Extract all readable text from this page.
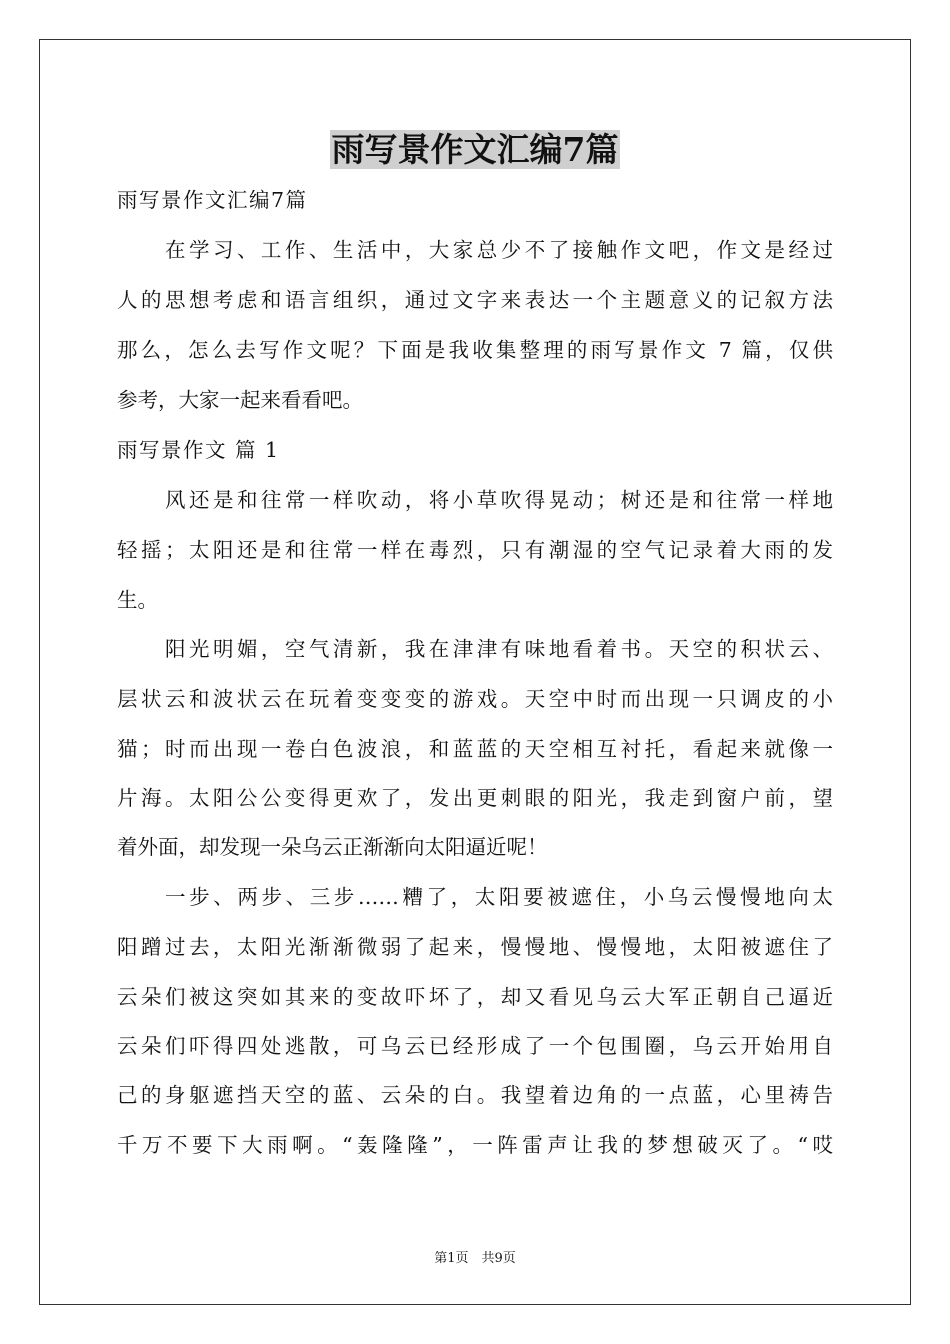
雨写景作文汇编7篇
雨写景作文汇编7篇
在学习、工作、生活中，大家总少不了接触作文吧，作文是经过
人的思想考虑和语言组织，通过文字来表达一个主题意义的记叙方法
那么，怎么去写作文呢？下面是我收集整理的雨写景作文 7 篇，仅供
参考，大家一起来看看吧。
雨写景作文 篇 1
风还是和往常一样吹动，将小草吹得晃动；树还是和往常一样地
轻摇；太阳还是和往常一样在毒烈，只有潮湿的空气记录着大雨的发
生。
阳光明媚，空气清新，我在津津有味地看着书。天空的积状云、
层状云和波状云在玩着变变变的游戏。天空中时而出现一只调皮的小
猫；时而出现一卷白色波浪，和蓝蓝的天空相互衬托，看起来就像一
片海。太阳公公变得更欢了，发出更刺眼的阳光，我走到窗户前，望
着外面，却发现一朵乌云正渐渐向太阳逼近呢！
一步、两步、三步……糟了，太阳要被遮住，小乌云慢慢地向太
阳蹭过去，太阳光渐渐微弱了起来，慢慢地、慢慢地，太阳被遮住了
云朵们被这突如其来的变故吓坏了，却又看见乌云大军正朝自己逼近
云朵们吓得四处逃散，可乌云已经形成了一个包围圈，乌云开始用自
己的身躯遮挡天空的蓝、云朵的白。我望着边角的一点蓝，心里祷告
千万不要下大雨啊。“轰隆隆”，一阵雷声让我的梦想破灭了。“哎
第1页　共9页
